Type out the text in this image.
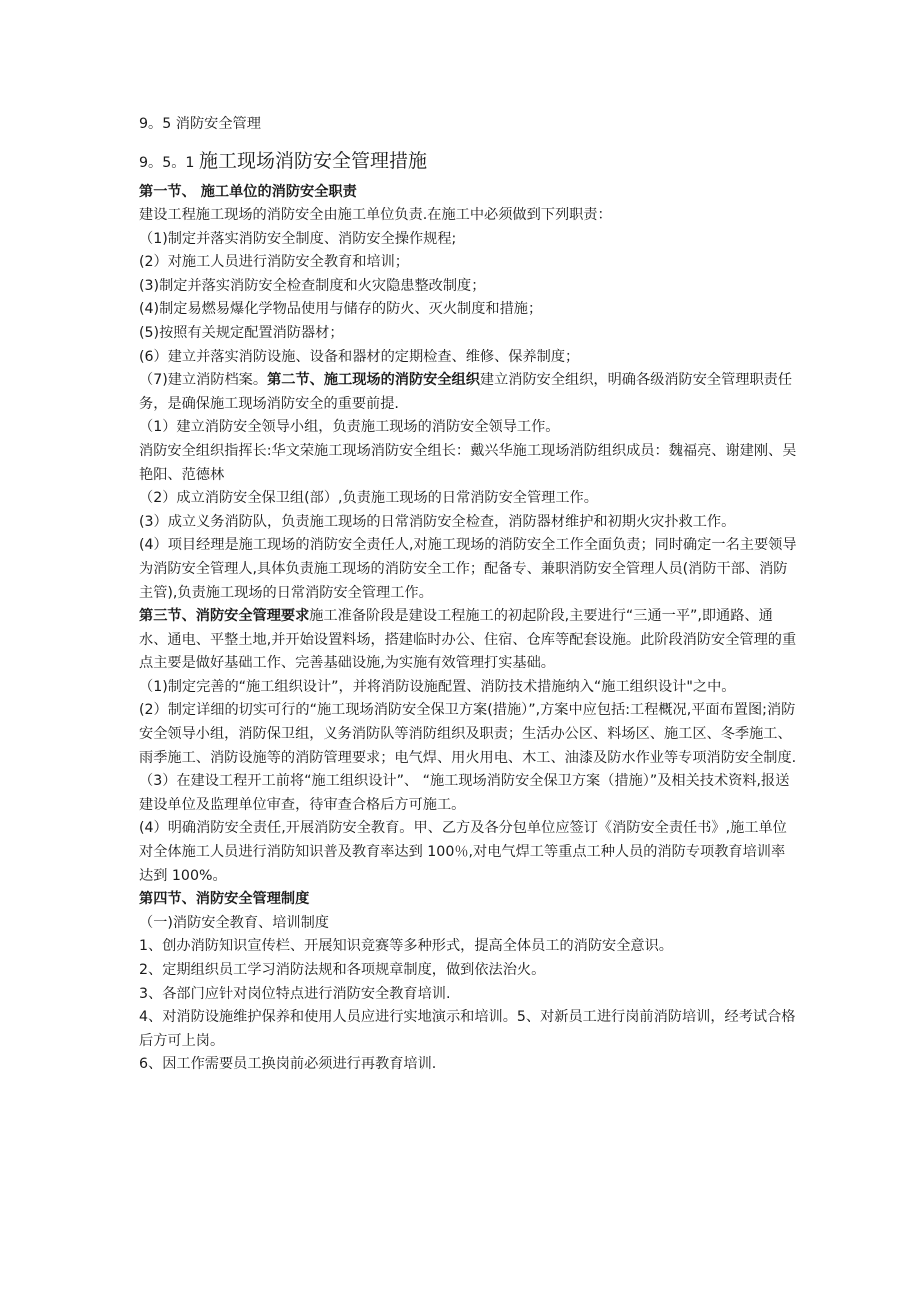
9。5 消防安全管理

9。5。1 施工现场消防安全管理措施

第一节、 施工单位的消防安全职责

建设工程施工现场的消防安全由施工单位负责.在施工中必须做到下列职责：

（1)制定并落实消防安全制度、消防安全操作规程;

(2）对施工人员进行消防安全教育和培训；

(3)制定并落实消防安全检查制度和火灾隐患整改制度；

(4)制定易燃易爆化学物品使用与储存的防火、灭火制度和措施；

(5)按照有关规定配置消防器材；

(6）建立并落实消防设施、设备和器材的定期检查、维修、保养制度；

（7)建立消防档案。第二节、施工现场的消防安全组织建立消防安全组织，明确各级消防安全管理职责任务，是确保施工现场消防安全的重要前提.

（1）建立消防安全领导小组，负责施工现场的消防安全领导工作。

消防安全组织指挥长:华文荣施工现场消防安全组长：戴兴华施工现场消防组织成员：魏福亮、谢建刚、吴艳阳、范德林

（2）成立消防安全保卫组(部）,负责施工现场的日常消防安全管理工作。

(3）成立义务消防队，负责施工现场的日常消防安全检查，消防器材维护和初期火灾扑救工作。

(4）项目经理是施工现场的消防安全责任人,对施工现场的消防安全工作全面负责；同时确定一名主要领导为消防安全管理人,具体负责施工现场的消防安全工作；配备专、兼职消防安全管理人员(消防干部、消防主管),负责施工现场的日常消防安全管理工作。

第三节、消防安全管理要求施工准备阶段是建设工程施工的初起阶段,主要进行“三通一平”,即通路、通水、通电、平整土地,并开始设置料场，搭建临时办公、住宿、仓库等配套设施。此阶段消防安全管理的重点主要是做好基础工作、完善基础设施,为实施有效管理打实基础。

（1)制定完善的“施工组织设计”，并将消防设施配置、消防技术措施纳入“施工组织设计"之中。

(2）制定详细的切实可行的“施工现场消防安全保卫方案(措施）”,方案中应包括:工程概况,平面布置图;消防安全领导小组，消防保卫组，义务消防队等消防组织及职责；生活办公区、料场区、施工区、冬季施工、雨季施工、消防设施等的消防管理要求；电气焊、用火用电、木工、油漆及防水作业等专项消防安全制度.

（3）在建设工程开工前将“施工组织设计”、 “施工现场消防安全保卫方案（措施）”及相关技术资料,报送建设单位及监理单位审查，待审查合格后方可施工。

(4）明确消防安全责任,开展消防安全教育。甲、乙方及各分包单位应签订《消防安全责任书》,施工单位对全体施工人员进行消防知识普及教育率达到 100％,对电气焊工等重点工种人员的消防专项教育培训率达到 100%。

第四节、消防安全管理制度

（一)消防安全教育、培训制度

1、创办消防知识宣传栏、开展知识竞赛等多种形式，提高全体员工的消防安全意识。

2、定期组织员工学习消防法规和各项规章制度，做到依法治火。

3、各部门应针对岗位特点进行消防安全教育培训.

4、对消防设施维护保养和使用人员应进行实地演示和培训。5、对新员工进行岗前消防培训，经考试合格后方可上岗。

6、因工作需要员工换岗前必须进行再教育培训.
